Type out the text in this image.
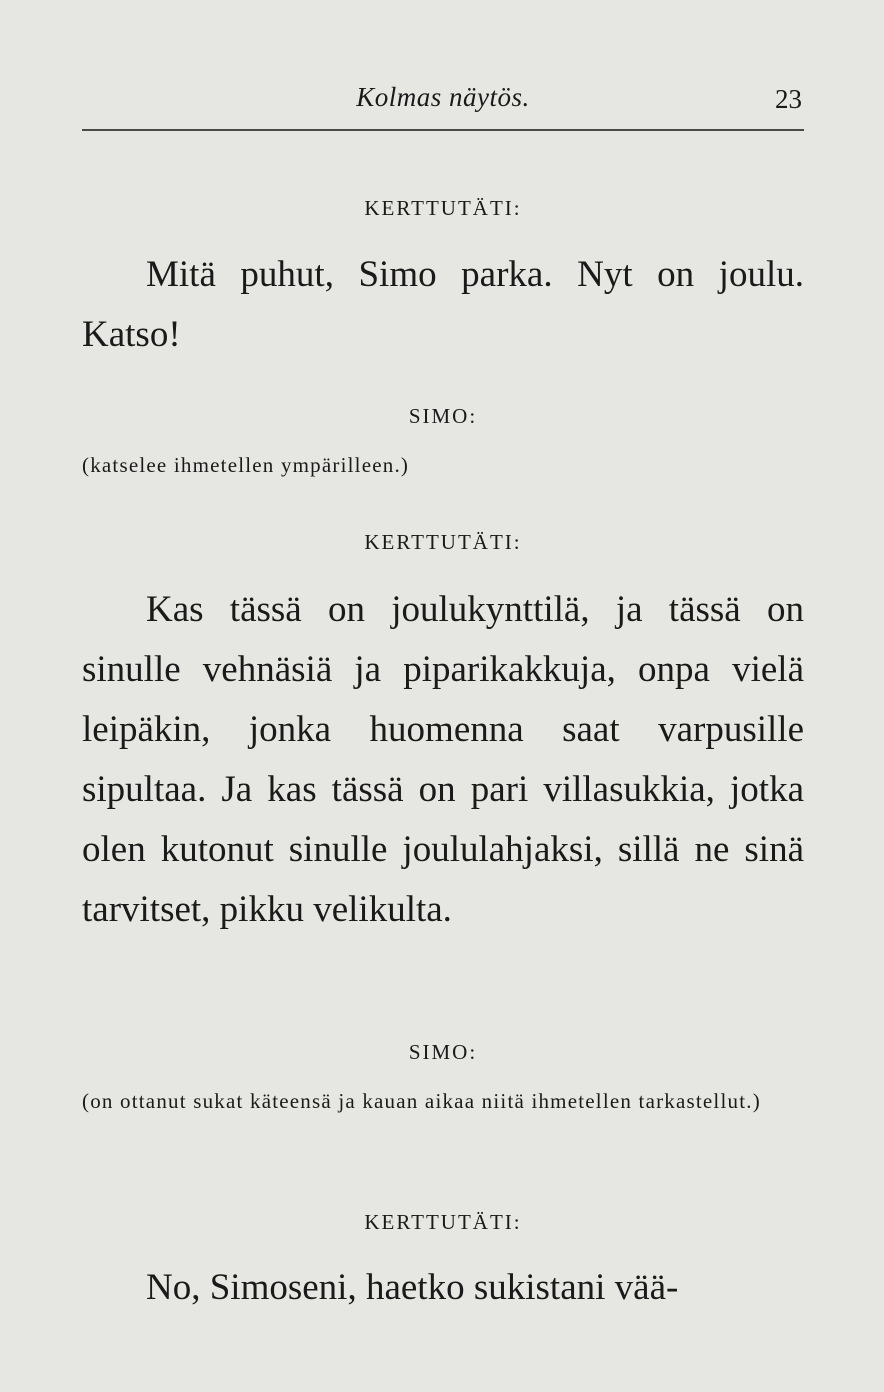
Kolmas näytös.	23
KERTTUTÄTI:
Mitä puhut, Simo parka. Nyt on joulu. Katso!
SIMO:
(katselee ihmetellen ympärilleen.)
KERTTUTÄTI:
Kas tässä on joulukynttilä, ja tässä on sinulle vehnäsiä ja piparikakkuja, onpa vielä leipäkin, jonka huomenna saat varpusille sipultaa. Ja kas tässä on pari villasukkia, jotka olen kutonut sinulle joululahjaksi, sillä ne sinä tarvitset, pikku velikulta.
SIMO:
(on ottanut sukat käteensä ja kauan aikaa niitä ihmetellen tarkastellut.)
KERTTUTÄTI:
No, Simoseni, haetko sukistani vää-
